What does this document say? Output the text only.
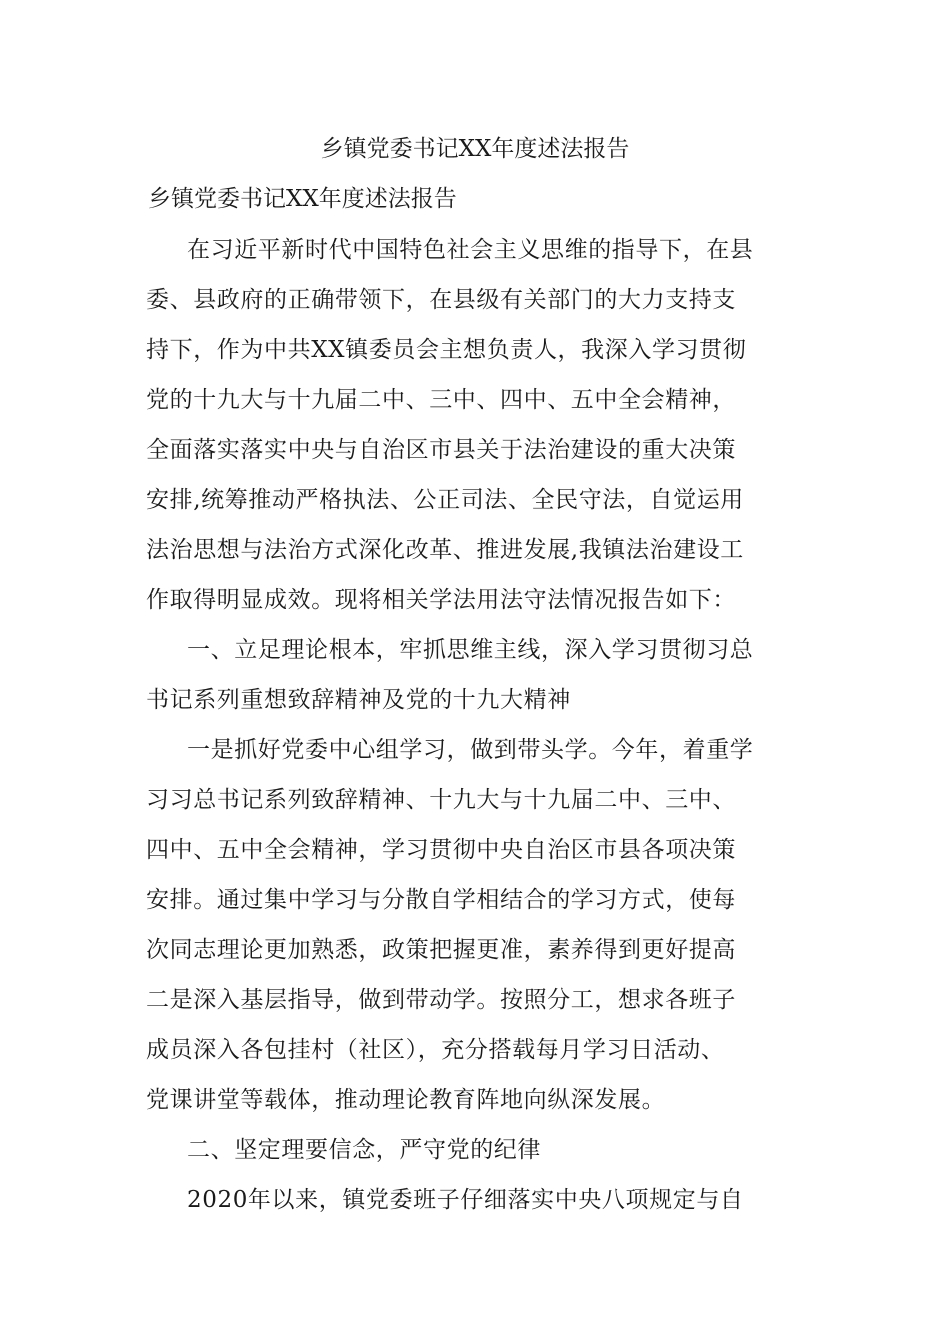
乡镇党委书记XX年度述法报告
乡镇党委书记XX年度述法报告
在习近平新时代中国特色社会主义思维的指导下，在县
委、县政府的正确带领下，在县级有关部门的大力支持支
持下，作为中共XX镇委员会主想负责人，我深入学习贯彻
党的十九大与十九届二中、三中、四中、五中全会精神，
全面落实落实中央与自治区市县关于法治建设的重大决策
安排,统筹推动严格执法、公正司法、全民守法，自觉运用
法治思想与法治方式深化改革、推进发展,我镇法治建设工
作取得明显成效。现将相关学法用法守法情况报告如下：
一、立足理论根本，牢抓思维主线，深入学习贯彻习总
书记系列重想致辞精神及党的十九大精神
一是抓好党委中心组学习，做到带头学。今年，着重学
习习总书记系列致辞精神、十九大与十九届二中、三中、
四中、五中全会精神，学习贯彻中央自治区市县各项决策
安排。通过集中学习与分散自学相结合的学习方式，使每
次同志理论更加熟悉，政策把握更准，素养得到更好提高
二是深入基层指导，做到带动学。按照分工，想求各班子
成员深入各包挂村（社区），充分搭载每月学习日活动、
党课讲堂等载体，推动理论教育阵地向纵深发展。
二、坚定理要信念，严守党的纪律
2020年以来，镇党委班子仔细落实中央八项规定与自
